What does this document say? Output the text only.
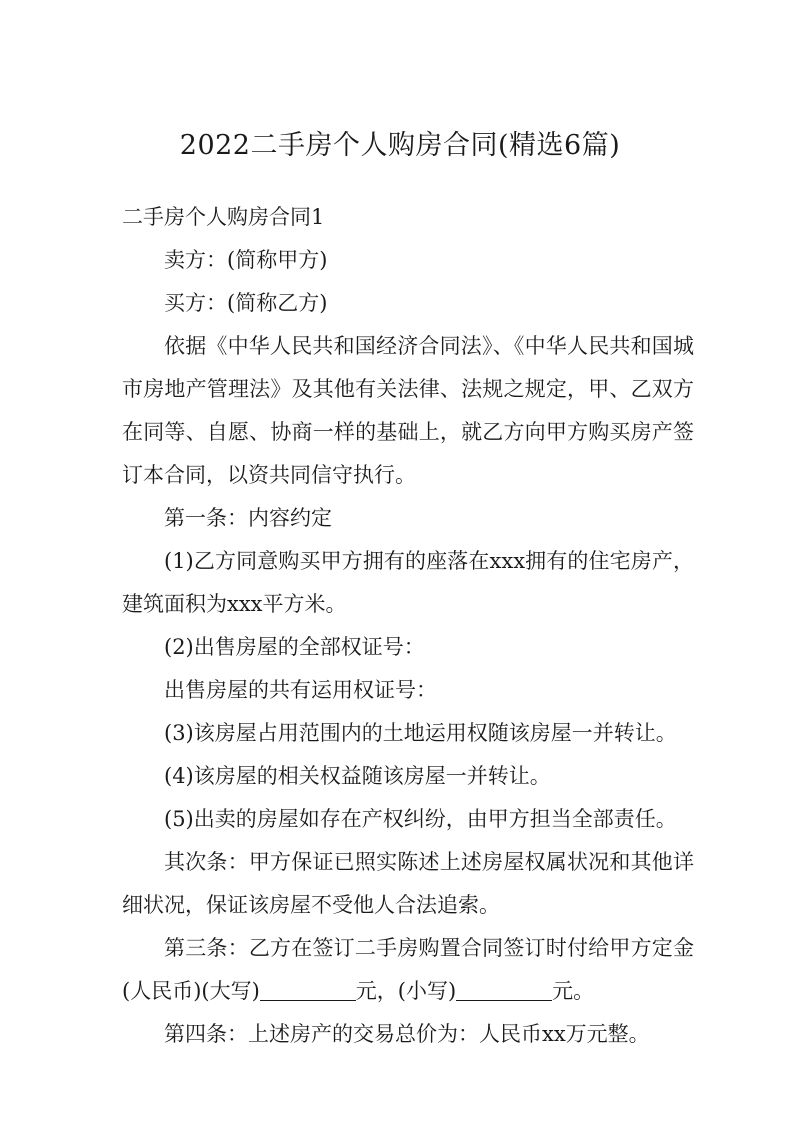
2022二手房个人购房合同(精选6篇)

二手房个人购房合同1

卖方：(简称甲方)

买方：(简称乙方)

依据《中华人民共和国经济合同法》、《中华人民共和国城市房地产管理法》及其他有关法律、法规之规定，甲、乙双方在同等、自愿、协商一样的基础上，就乙方向甲方购买房产签订本合同，以资共同信守执行。

第一条：内容约定

(1)乙方同意购买甲方拥有的座落在xxx拥有的住宅房产，建筑面积为xxx平方米。

(2)出售房屋的全部权证号：

出售房屋的共有运用权证号：

(3)该房屋占用范围内的土地运用权随该房屋一并转让。

(4)该房屋的相关权益随该房屋一并转让。

(5)出卖的房屋如存在产权纠纷，由甲方担当全部责任。

其次条：甲方保证已照实陈述上述房屋权属状况和其他详细状况，保证该房屋不受他人合法追索。

第三条：乙方在签订二手房购置合同签订时付给甲方定金(人民币)(大写)	元，(小写)	元。

第四条：上述房产的交易总价为：人民币xx万元整。
